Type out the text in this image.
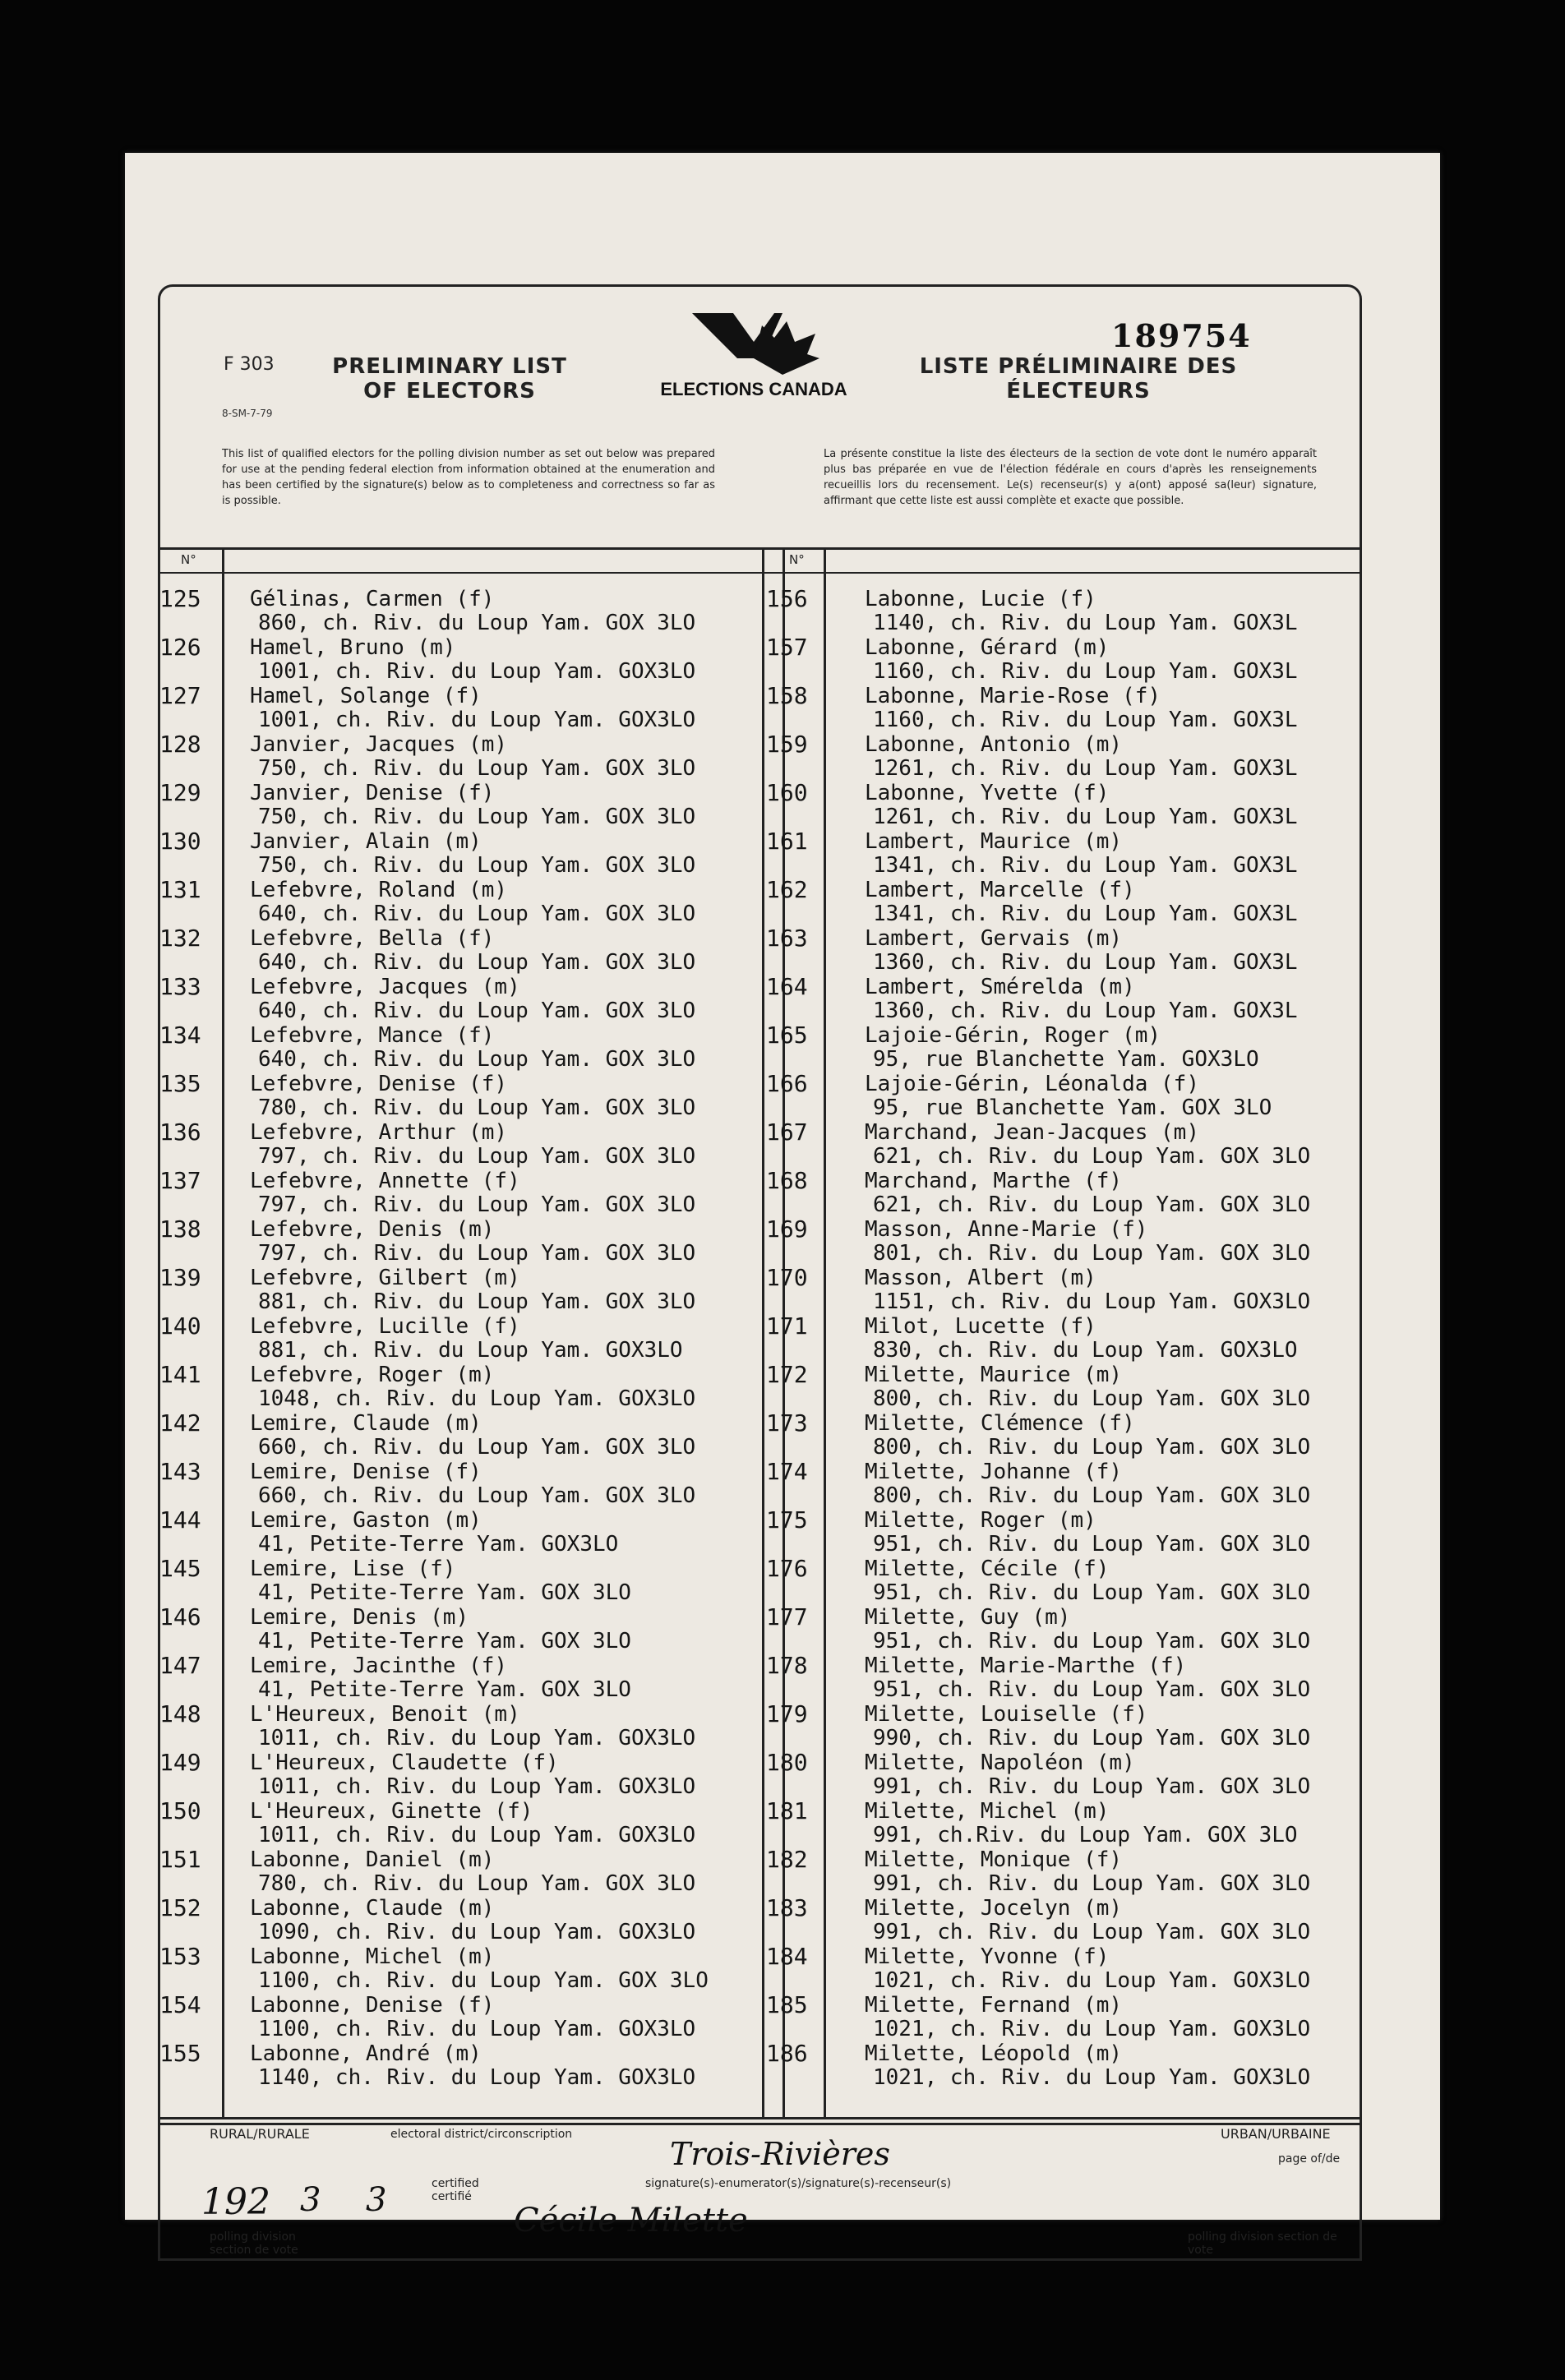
F 303
8-SM-7-79
PRELIMINARY LIST OF ELECTORS	ELECTIONS CANADA
189754
LISTE PRÉLIMINAIRE DES ÉLECTEURS
This list of qualified electors for the polling division number as set out below was prepared for use at the pending federal election from information obtained at the enumeration and has been certified by the signature(s) below as to completeness and correctness so far as is possible.
La présente constitue la liste des électeurs de la section de vote dont le numéro apparaît plus bas préparée en vue de l'élection fédérale en cours d'après les renseignements recueillis lors du recensement. Le(s) recenseur(s) y a(ont) apposé sa(leur) signature, affirmant que cette liste est aussi complète et exacte que possible.
N°	N°
125 Gélinas, Carmen (f)
860, ch. Riv. du Loup Yam. GOX 3LO
126 Hamel, Bruno (m)
1001, ch. Riv. du Loup Yam. GOX3LO
127 Hamel, Solange (f)
1001, ch. Riv. du Loup Yam. GOX3LO
128 Janvier, Jacques (m)
750, ch. Riv. du Loup Yam. GOX 3LO
129 Janvier, Denise (f)
750, ch. Riv. du Loup Yam. GOX 3LO
130 Janvier, Alain (m)
750, ch. Riv. du Loup Yam. GOX 3LO
131 Lefebvre, Roland (m)
640, ch. Riv. du Loup Yam. GOX 3LO
132 Lefebvre, Bella (f)
640, ch. Riv. du Loup Yam. GOX 3LO
133 Lefebvre, Jacques (m)
640, ch. Riv. du Loup Yam. GOX 3LO
134 Lefebvre, Mance (f)
640, ch. Riv. du Loup Yam. GOX 3LO
135 Lefebvre, Denise (f)
780, ch. Riv. du Loup Yam. GOX 3LO
136 Lefebvre, Arthur (m)
797, ch. Riv. du Loup Yam. GOX 3LO
137 Lefebvre, Annette (f)
797, ch. Riv. du Loup Yam. GOX 3LO
138 Lefebvre, Denis (m)
797, ch. Riv. du Loup Yam. GOX 3LO
139 Lefebvre, Gilbert (m)
881, ch. Riv. du Loup Yam. GOX 3LO
140 Lefebvre, Lucille (f)
881, ch. Riv. du Loup Yam. GOX3LO
141 Lefebvre, Roger (m)
1048, ch. Riv. du Loup Yam. GOX3LO
142 Lemire, Claude (m)
660, ch. Riv. du Loup Yam. GOX 3LO
143 Lemire, Denise (f)
660, ch. Riv. du Loup Yam. GOX 3LO
144 Lemire, Gaston (m)
41, Petite-Terre Yam. GOX3LO
145 Lemire, Lise (f)
41, Petite-Terre Yam. GOX 3LO
146 Lemire, Denis (m)
41, Petite-Terre Yam. GOX 3LO
147 Lemire, Jacinthe (f)
41, Petite-Terre Yam. GOX 3LO
148 L'Heureux, Benoit (m)
1011, ch. Riv. du Loup Yam. GOX3LO
149 L'Heureux, Claudette (f)
1011, ch. Riv. du Loup Yam. GOX3LO
150 L'Heureux, Ginette (f)
1011, ch. Riv. du Loup Yam. GOX3LO
151 Labonne, Daniel (m)
780, ch. Riv. du Loup Yam. GOX 3LO
152 Labonne, Claude (m)
1090, ch. Riv. du Loup Yam. GOX3LO
153 Labonne, Michel (m)
1100, ch. Riv. du Loup Yam. GOX 3LO
154 Labonne, Denise (f)
1100, ch. Riv. du Loup Yam. GOX3LO
155 Labonne, André (m)
1140, ch. Riv. du Loup Yam. GOX3LO
156	Labonne, Lucie (f)
1140, ch. Riv. du Loup Yam. GOX3L
157	Labonne, Gérard (m)
1160, ch. Riv. du Loup Yam. GOX3L
158	Labonne, Marie-Rose (f)
1160, ch. Riv. du Loup Yam. GOX3L
159	Labonne, Antonio (m)
1261, ch. Riv. du Loup Yam. GOX3L
160	Labonne, Yvette (f)
1261, ch. Riv. du Loup Yam. GOX3L
161	Lambert, Maurice (m)
1341, ch. Riv. du Loup Yam. GOX3L
162	Lambert, Marcelle (f)
1341, ch. Riv. du Loup Yam. GOX3L
163	Lambert, Gervais (m)
1360, ch. Riv. du Loup Yam. GOX3L
164	Lambert, Smérelda (m)
1360, ch. Riv. du Loup Yam. GOX3L
165	Lajoie-Gérin, Roger (m)
95, rue Blanchette Yam. GOX3LO
166	Lajoie-Gérin, Léonalda (f)
95, rue Blanchette Yam. GOX 3LO
167	Marchand, Jean-Jacques (m)
621, ch. Riv. du Loup Yam. GOX 3LO
168	Marchand, Marthe (f)
621, ch. Riv. du Loup Yam. GOX 3LO
169	Masson, Anne-Marie (f)
801, ch. Riv. du Loup Yam. GOX 3LO
170	Masson, Albert (m)
1151, ch. Riv. du Loup Yam. GOX3LO
171	Milot, Lucette (f)
830, ch. Riv. du Loup Yam. GOX3LO
172	Milette, Maurice (m)
800, ch. Riv. du Loup Yam. GOX 3LO
173	Milette, Clémence (f)
800, ch. Riv. du Loup Yam. GOX 3LO
174	Milette, Johanne (f)
800, ch. Riv. du Loup Yam. GOX 3LO
175	Milette, Roger (m)
951, ch. Riv. du Loup Yam. GOX 3LO
176	Milette, Cécile (f)
951, ch. Riv. du Loup Yam. GOX 3LO
177	Milette, Guy (m)
951, ch. Riv. du Loup Yam. GOX 3LO
178	Milette, Marie-Marthe (f)
951, ch. Riv. du Loup Yam. GOX 3LO
179	Milette, Louiselle (f)
990, ch. Riv. du Loup Yam. GOX 3LO
180	Milette, Napoléon (m)
991, ch. Riv. du Loup Yam. GOX 3LO
181	Milette, Michel (m)
991, ch.Riv. du Loup Yam. GOX 3LO
182	Milette, Monique (f)
991, ch. Riv. du Loup Yam. GOX 3LO
183	Milette, Jocelyn (m)
991, ch. Riv. du Loup Yam. GOX 3LO
184	Milette, Yvonne (f)
1021, ch. Riv. du Loup Yam. GOX3LO
185	Milette, Fernand (m)
1021, ch. Riv. du Loup Yam. GOX3LO
186	Milette, Léopold (m)
1021, ch. Riv. du Loup Yam. GOX3LO
RURAL/RURALE	URBAN/URBAINE
electoral district/circonscription
Trois-Rivières
certified certifié
signature(s)-enumerator(s)/signature(s)-recenseur(s)
Cécile Milette
polling division section de vote
192
page of/de
3 3
polling division section de vote
